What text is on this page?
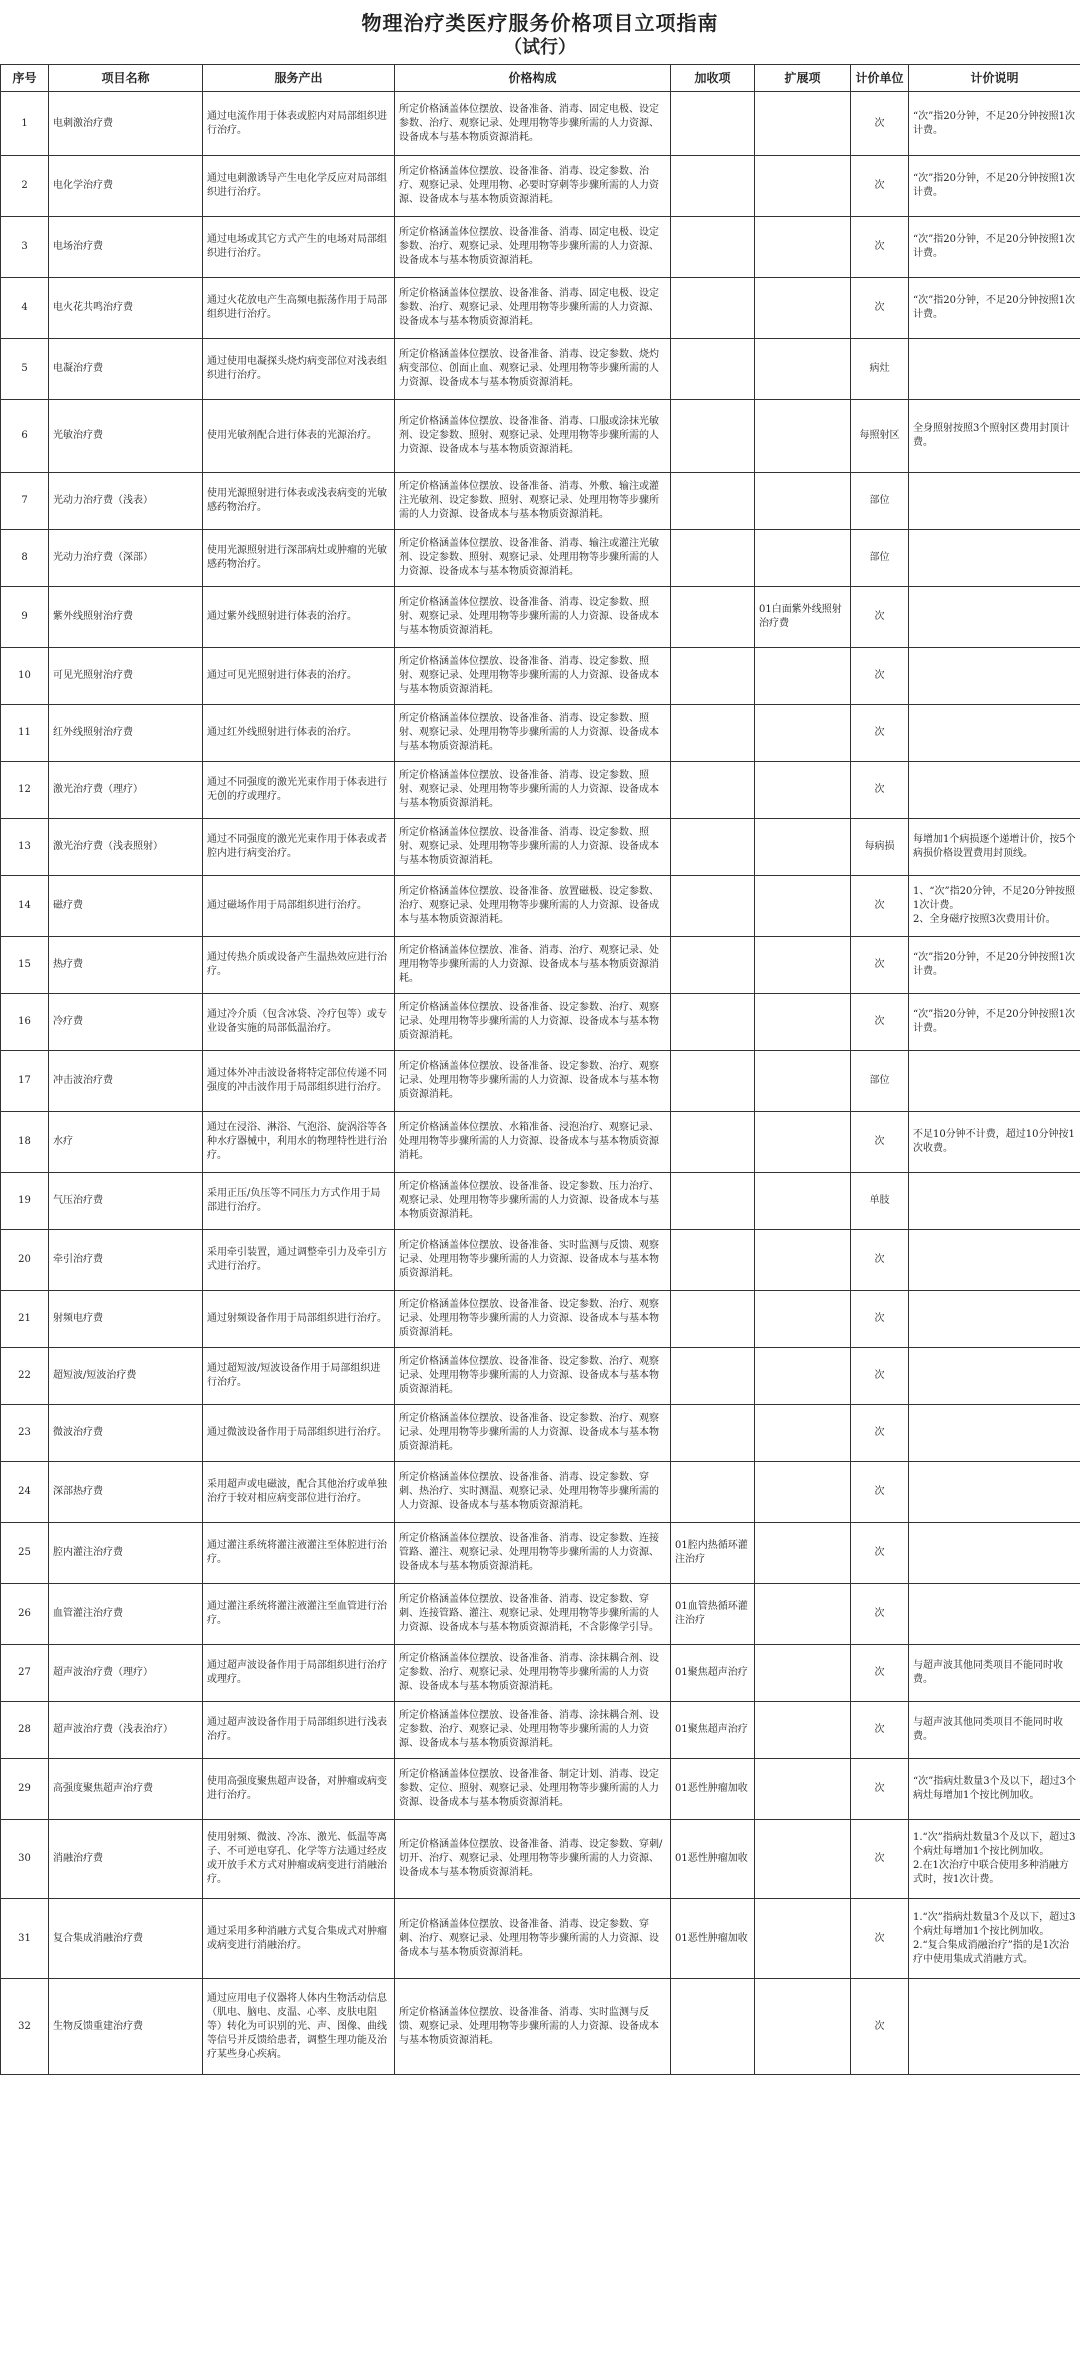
物理治疗类医疗服务价格项目立项指南
（试行）
序号	项目名称	服务产出	价格构成	加收项	扩展项	计价单位	计价说明
1	电刺激治疗费	通过电流作用于体表或腔内对局部组织进行治疗。	所定价格涵盖体位摆放、设备准备、消毒、固定电极、设定参数、治疗、观察记录、处理用物等步骤所需的人力资源、设备成本与基本物质资源消耗。			次	“次”指20分钟，不足20分钟按照1次计费。
2	电化学治疗费	通过电刺激诱导产生电化学反应对局部组织进行治疗。	所定价格涵盖体位摆放、设备准备、消毒、设定参数、治疗、观察记录、处理用物、必要时穿刺等步骤所需的人力资源、设备成本与基本物质资源消耗。			次	“次”指20分钟，不足20分钟按照1次计费。
3	电场治疗费	通过电场或其它方式产生的电场对局部组织进行治疗。	所定价格涵盖体位摆放、设备准备、消毒、固定电极、设定参数、治疗、观察记录、处理用物等步骤所需的人力资源、设备成本与基本物质资源消耗。			次	“次”指20分钟，不足20分钟按照1次计费。
4	电火花共鸣治疗费	通过火花放电产生高频电振荡作用于局部组织进行治疗。	所定价格涵盖体位摆放、设备准备、消毒、固定电极、设定参数、治疗、观察记录、处理用物等步骤所需的人力资源、设备成本与基本物质资源消耗。			次	“次”指20分钟，不足20分钟按照1次计费。
5	电凝治疗费	通过使用电凝探头烧灼病变部位对浅表组织进行治疗。	所定价格涵盖体位摆放、设备准备、消毒、设定参数、烧灼病变部位、创面止血、观察记录、处理用物等步骤所需的人力资源、设备成本与基本物质资源消耗。			病灶	
6	光敏治疗费	使用光敏剂配合进行体表的光源治疗。	所定价格涵盖体位摆放、设备准备、消毒、口服或涂抹光敏剂、设定参数、照射、观察记录、处理用物等步骤所需的人力资源、设备成本与基本物质资源消耗。			每照射区	全身照射按照3个照射区费用封顶计费。
7	光动力治疗费（浅表）	使用光源照射进行体表或浅表病变的光敏感药物治疗。	所定价格涵盖体位摆放、设备准备、消毒、外敷、输注或灌注光敏剂、设定参数、照射、观察记录、处理用物等步骤所需的人力资源、设备成本与基本物质资源消耗。			部位	
8	光动力治疗费（深部）	使用光源照射进行深部病灶或肿瘤的光敏感药物治疗。	所定价格涵盖体位摆放、设备准备、消毒、输注或灌注光敏剂、设定参数、照射、观察记录、处理用物等步骤所需的人力资源、设备成本与基本物质资源消耗。			部位	
9	紫外线照射治疗费	通过紫外线照射进行体表的治疗。	所定价格涵盖体位摆放、设备准备、消毒、设定参数、照射、观察记录、处理用物等步骤所需的人力资源、设备成本与基本物质资源消耗。		01白面紫外线照射治疗费	次	
10	可见光照射治疗费	通过可见光照射进行体表的治疗。	所定价格涵盖体位摆放、设备准备、消毒、设定参数、照射、观察记录、处理用物等步骤所需的人力资源、设备成本与基本物质资源消耗。			次	
11	红外线照射治疗费	通过红外线照射进行体表的治疗。	所定价格涵盖体位摆放、设备准备、消毒、设定参数、照射、观察记录、处理用物等步骤所需的人力资源、设备成本与基本物质资源消耗。			次	
12	激光治疗费（理疗）	通过不同强度的激光光束作用于体表进行无创的疗或理疗。	所定价格涵盖体位摆放、设备准备、消毒、设定参数、照射、观察记录、处理用物等步骤所需的人力资源、设备成本与基本物质资源消耗。			次	
13	激光治疗费（浅表照射）	通过不同强度的激光光束作用于体表或者腔内进行病变治疗。	所定价格涵盖体位摆放、设备准备、消毒、设定参数、照射、观察记录、处理用物等步骤所需的人力资源、设备成本与基本物质资源消耗。			每病损	每增加1个病损逐个递增计价，按5个病损价格设置费用封顶线。
14	磁疗费	通过磁场作用于局部组织进行治疗。	所定价格涵盖体位摆放、设备准备、放置磁极、设定参数、治疗、观察记录、处理用物等步骤所需的人力资源、设备成本与基本物质资源消耗。			次	1、“次”指20分钟，不足20分钟按照1次计费。
2、全身磁疗按照3次费用计价。
15	热疗费	通过传热介质或设备产生温热效应进行治疗。	所定价格涵盖体位摆放、准备、消毒、治疗、观察记录、处理用物等步骤所需的人力资源、设备成本与基本物质资源消耗。			次	“次”指20分钟，不足20分钟按照1次计费。
16	冷疗费	通过冷介质（包含冰袋、冷疗包等）或专业设备实施的局部低温治疗。	所定价格涵盖体位摆放、设备准备、设定参数、治疗、观察记录、处理用物等步骤所需的人力资源、设备成本与基本物质资源消耗。			次	“次”指20分钟，不足20分钟按照1次计费。
17	冲击波治疗费	通过体外冲击波设备将特定部位传递不同强度的冲击波作用于局部组织进行治疗。	所定价格涵盖体位摆放、设备准备、设定参数、治疗、观察记录、处理用物等步骤所需的人力资源、设备成本与基本物质资源消耗。			部位	
18	水疗	通过在浸浴、淋浴、气泡浴、旋涡浴等各种水疗器械中，利用水的物理特性进行治疗。	所定价格涵盖体位摆放、水箱准备、浸泡治疗、观察记录、处理用物等步骤所需的人力资源、设备成本与基本物质资源消耗。			次	不足10分钟不计费，超过10分钟按1次收费。
19	气压治疗费	采用正压/负压等不同压力方式作用于局部进行治疗。	所定价格涵盖体位摆放、设备准备、设定参数、压力治疗、观察记录、处理用物等步骤所需的人力资源、设备成本与基本物质资源消耗。			单肢	
20	牵引治疗费	采用牵引装置，通过调整牵引力及牵引方式进行治疗。	所定价格涵盖体位摆放、设备准备、实时监测与反馈、观察记录、处理用物等步骤所需的人力资源、设备成本与基本物质资源消耗。			次	
21	射频电疗费	通过射频设备作用于局部组织进行治疗。	所定价格涵盖体位摆放、设备准备、设定参数、治疗、观察记录、处理用物等步骤所需的人力资源、设备成本与基本物质资源消耗。			次	
22	超短波/短波治疗费	通过超短波/短波设备作用于局部组织进行治疗。	所定价格涵盖体位摆放、设备准备、设定参数、治疗、观察记录、处理用物等步骤所需的人力资源、设备成本与基本物质资源消耗。			次	
23	微波治疗费	通过微波设备作用于局部组织进行治疗。	所定价格涵盖体位摆放、设备准备、设定参数、治疗、观察记录、处理用物等步骤所需的人力资源、设备成本与基本物质资源消耗。			次	
24	深部热疗费	采用超声或电磁波，配合其他治疗或单独治疗于较对相应病变部位进行治疗。	所定价格涵盖体位摆放、设备准备、消毒、设定参数、穿刺、热治疗、实时测温、观察记录、处理用物等步骤所需的人力资源、设备成本与基本物质资源消耗。			次	
25	腔内灌注治疗费	通过灌注系统将灌注液灌注至体腔进行治疗。	所定价格涵盖体位摆放、设备准备、消毒、设定参数、连接管路、灌注、观察记录、处理用物等步骤所需的人力资源、设备成本与基本物质资源消耗。	01腔内热循环灌注治疗		次	
26	血管灌注治疗费	通过灌注系统将灌注液灌注至血管进行治疗。	所定价格涵盖体位摆放、设备准备、消毒、设定参数、穿刺、连接管路、灌注、观察记录、处理用物等步骤所需的人力资源、设备成本与基本物质资源消耗，不含影像学引导。	01血管热循环灌注治疗		次	
27	超声波治疗费（理疗）	通过超声波设备作用于局部组织进行治疗或理疗。	所定价格涵盖体位摆放、设备准备、消毒、涂抹耦合剂、设定参数、治疗、观察记录、处理用物等步骤所需的人力资源、设备成本与基本物质资源消耗。	01聚焦超声治疗		次	与超声波其他同类项目不能同时收费。
28	超声波治疗费（浅表治疗）	通过超声波设备作用于局部组织进行浅表治疗。	所定价格涵盖体位摆放、设备准备、消毒、涂抹耦合剂、设定参数、治疗、观察记录、处理用物等步骤所需的人力资源、设备成本与基本物质资源消耗。	01聚焦超声治疗		次	与超声波其他同类项目不能同时收费。
29	高强度聚焦超声治疗费	使用高强度聚焦超声设备，对肿瘤或病变进行治疗。	所定价格涵盖体位摆放、设备准备、制定计划、消毒、设定参数、定位、照射、观察记录、处理用物等步骤所需的人力资源、设备成本与基本物质资源消耗。	01恶性肿瘤加收		次	“次”指病灶数量3个及以下，超过3个病灶每增加1个按比例加收。
30	消融治疗费	使用射频、微波、冷冻、激光、低温等离子、不可逆电穿孔、化学等方法通过经皮或开放手术方式对肿瘤或病变进行消融治疗。	所定价格涵盖体位摆放、设备准备、消毒、设定参数、穿刺/切开、治疗、观察记录、处理用物等步骤所需的人力资源、设备成本与基本物质资源消耗。	01恶性肿瘤加收		次	1.“次”指病灶数量3个及以下，超过3个病灶每增加1个按比例加收。
2.在1次治疗中联合使用多种消融方式时，按1次计费。
31	复合集成消融治疗费	通过采用多种消融方式复合集成式对肿瘤或病变进行消融治疗。	所定价格涵盖体位摆放、设备准备、消毒、设定参数、穿刺、治疗、观察记录、处理用物等步骤所需的人力资源、设备成本与基本物质资源消耗。	01恶性肿瘤加收		次	1.“次”指病灶数量3个及以下，超过3个病灶每增加1个按比例加收。
2.“复合集成消融治疗”指的是1次治疗中使用集成式消融方式。
32	生物反馈重建治疗费	通过应用电子仪器将人体内生物活动信息（肌电、脑电、皮温、心率、皮肤电阻等）转化为可识别的光、声、图像、曲线等信号并反馈给患者，调整生理功能及治疗某些身心疾病。	所定价格涵盖体位摆放、设备准备、消毒、实时监测与反馈、观察记录、处理用物等步骤所需的人力资源、设备成本与基本物质资源消耗。			次	
